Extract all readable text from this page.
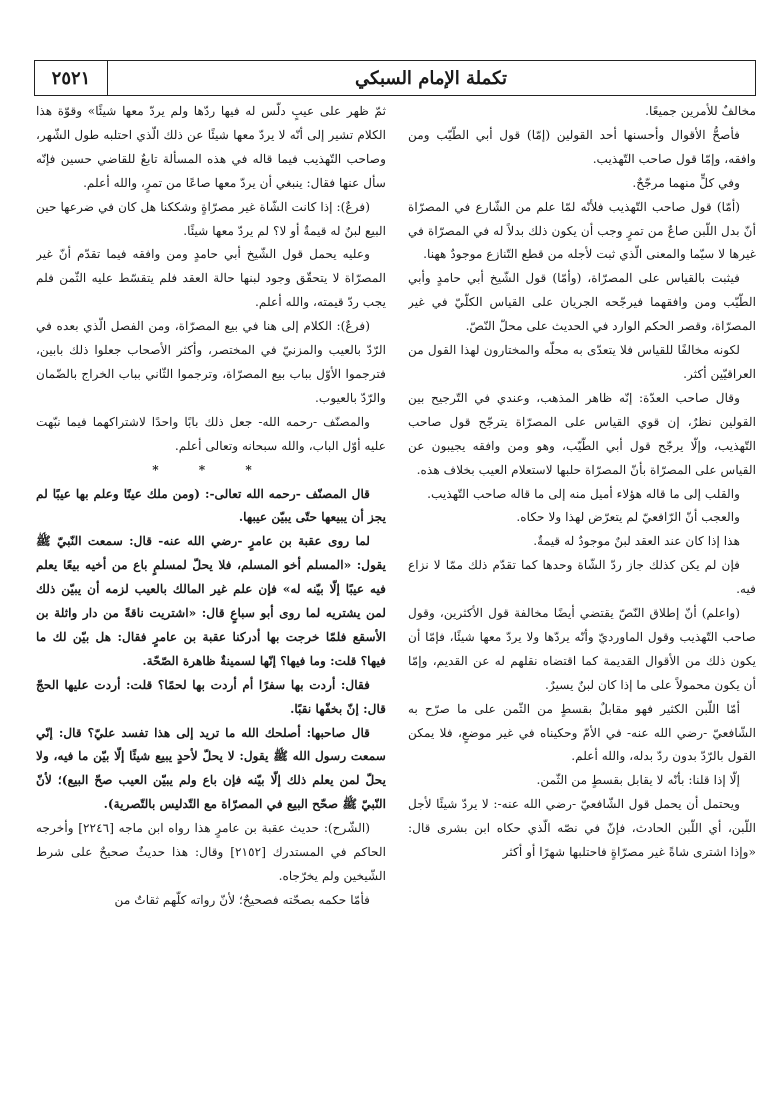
٢٥٢١	تكملة الإمام السبكي

مخالفٌ للأمرين جميعًا.

فأصحُّ الأقوال وأحسنها أحد القولين (إمّا) قول أبي الطّيّب ومن وافقه، وإمّا قول صاحب التّهذيب.

وفي كلٍّ منهما مرجّحٌ.

(أمّا) قول صاحب التّهذيب فلأنّه لمّا علم من الشّارع في المصرّاة أنّ بدل اللّبن صاعٌ من تمرٍ وجب أن يكون ذلك بدلاً له في المصرّاة في غيرها لا سيّما والمعنى الّذي ثبت لأجله من قطع التّنازع موجودٌ ههنا.

فيثبت بالقياس على المصرّاة، (وأمّا) قول الشّيخ أبي حامدٍ وأبي الطّيّب ومن وافقهما فيرجّحه الجريان على القياس الكلّيّ في غير المصرّاة، وقصر الحكم الوارد في الحديث على محلّ النّصّ.

لكونه مخالفًا للقياس فلا يتعدّى به محلّه والمختارون لهذا القول من العراقيّين أكثر.

وقال صاحب العدّة: إنّه ظاهر المذهب، وعندي في التّرجيح بين القولين نظرٌ، إن قوي القياس على المصرّاة يترجّح قول صاحب التّهذيب، وإلّا يرجّح قول أبي الطّيّب، وهو ومن وافقه يجيبون عن القياس على المصرّاة بأنّ المصرّاة حلبها لاستعلام العيب بخلاف هذه.

والقلب إلى ما قاله هؤلاء أميل منه إلى ما قاله صاحب التّهذيب.

والعجب أنّ الرّافعيّ لم يتعرّض لهذا ولا حكاه.

هذا إذا كان عند العقد لبنٌ موجودٌ له قيمةٌ.

فإن لم يكن كذلك جاز ردّ الشّاة وحدها كما تقدّم ذلك ممّا لا نزاع فيه.

(واعلم) أنّ إطلاق النّصّ يقتضي أيضًا مخالفة قول الأكثرين، وقول صاحب التّهذيب وقول الماورديّ وأنّه يردّها ولا يردّ معها شيئًا، فإمّا أن يكون ذلك من الأقوال القديمة كما اقتضاه نقلهم له عن القديم، وإمّا أن يكون محمولاً على ما إذا كان لبنٌ يسيرٌ.

أمّا اللّبن الكثير فهو مقابلٌ بقسطٍ من الثّمن على ما صرّح به الشّافعيّ -رضي الله عنه- في الأمّ وحكيناه في غير موضعٍ، فلا يمكن القول بالرّدّ بدون ردّ بدله، والله أعلم.

إلّا إذا قلنا: بأنّه لا يقابل بقسطٍ من الثّمن.

ويحتمل أن يحمل قول الشّافعيّ -رضي الله عنه-: لا يردّ شيئًا لأجل اللّبن، أي اللّبن الحادث، فإنّ في نصّه الّذي حكاه ابن بشرى قال: «وإذا اشترى شاةً غير مصرّاةٍ فاحتلبها شهرًا أو أكثر

ثمّ ظهر على عيبٍ دلّس له فيها ردّها ولم يردّ معها شيئًا» وقوّة هذا الكلام تشير إلى أنّه لا يردّ معها شيئًا عن ذلك الّذي احتلبه طول الشّهر، وصاحب التّهذيب فيما قاله في هذه المسألة تابعٌ للقاضي حسين فإنّه سأل عنها فقال: ينبغي أن يردّ معها صاعًا من تمرٍ، والله أعلم.

(فرعٌ): إذا كانت الشّاة غير مصرّاةٍ وشككنا هل كان في ضرعها حين البيع لبنٌ له قيمةٌ أو لا؟ لم يردّ معها شيئًا.

وعليه يحمل قول الشّيخ أبي حامدٍ ومن وافقه فيما تقدّم أنّ غير المصرّاة لا يتحقّق وجود لبنها حالة العقد فلم يتقسّط عليه الثّمن فلم يجب ردّ قيمته، والله أعلم.

(فرعٌ): الكلام إلى هنا في بيع المصرّاة، ومن الفصل الّذي بعده في الرّدّ بالعيب والمزنيّ في المختصر، وأكثر الأصحاب جعلوا ذلك بابين، فترجموا الأوّل بباب بيع المصرّاة، وترجموا الثّاني بباب الخراج بالضّمان والرّدّ بالعيوب.

والمصنّف -رحمه الله- جعل ذلك بابًا واحدًا لاشتراكهما فيما نبّهت عليه أوّل الباب، والله سبحانه وتعالى أعلم.

* * *

قال المصنّف -رحمه الله تعالى-: (ومن ملك عينًا وعلم بها عيبًا لم يجز أن يبيعها حتّى يبيّن عيبها.

لما روى عقبة بن عامرٍ -رضي الله عنه- قال: سمعت النّبيّ ﷺ يقول: «المسلم أخو المسلم، فلا يحلّ لمسلمٍ باع من أخيه بيعًا يعلم فيه عيبًا إلّا بيّنه له» فإن علم غير المالك بالعيب لزمه أن يبيّن ذلك لمن يشتريه لما روى أبو سباعٍ قال: «اشتريت ناقةً من دار واثلة بن الأسقع فلمّا خرجت بها أدركنا عقبة بن عامرٍ فقال: هل بيّن لك ما فيها؟ قلت: وما فيها؟ إنّها لسمينةٌ ظاهرة الصّحّة.

فقال: أردت بها سفرًا أم أردت بها لحمًا؟ قلت: أردت عليها الحجّ قال: إنّ بخفّها نقبًا.

قال صاحبها: أصلحك الله ما تريد إلى هذا تفسد عليّ؟ قال: إنّي سمعت رسول الله ﷺ يقول: لا يحلّ لأحدٍ يبيع شيئًا إلّا بيّن ما فيه، ولا يحلّ لمن يعلم ذلك إلّا بيّنه فإن باع ولم يبيّن العيب صحّ البيع)؛ لأنّ النّبيّ ﷺ صحّح البيع في المصرّاة مع التّدليس بالتّصرية).

(الشّرح): حديث عقبة بن عامرٍ هذا رواه ابن ماجه [٢٢٤٦] وأخرجه الحاكم في المستدرك [٢١٥٢] وقال: هذا حديثٌ صحيحٌ على شرط الشّيخين ولم يخرّجاه.

فأمّا حكمه بصحّته فصحيحٌ؛ لأنّ رواته كلّهم ثقاتٌ من
